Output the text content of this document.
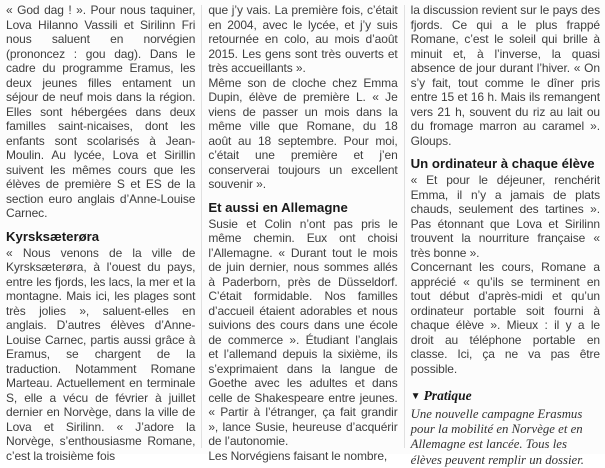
« God dag ! ». Pour nous taquiner, Lova Hilanno Vassili et Sirilinn Fri nous saluent en norvégien (prononcez : gou dag). Dans le cadre du programme Eramus, les deux jeunes filles entament un séjour de neuf mois dans la région. Elles sont hébergées dans deux familles saint-nicaises, dont les enfants sont scolarisés à Jean-Moulin. Au lycée, Lova et Sirillin suivent les mêmes cours que les élèves de première S et ES de la section euro anglais d’Anne-Louise Carnec.

Kyrsksæterøra

« Nous venons de la ville de Kyrsksæterøra, à l’ouest du pays, entre les fjords, les lacs, la mer et la montagne. Mais ici, les plages sont très jolies », saluent-elles en anglais. D’autres élèves d’Anne-Louise Carnec, partis aussi grâce à Eramus, se chargent de la traduction. Notamment Romane Marteau. Actuellement en terminale S, elle a vécu de février à juillet dernier en Norvège, dans la ville de Lova et Sirilinn. « J’adore la Norvège, s’enthousiasme Romane, c’est la troisième fois

que j’y vais. La première fois, c’était en 2004, avec le lycée, et j’y suis retournée en colo, au mois d’août 2015. Les gens sont très ouverts et très accueillants ».

Même son de cloche chez Emma Dupin, élève de première L. « Je viens de passer un mois dans la même ville que Romane, du 18 août au 18 septembre. Pour moi, c’était une première et j’en conserverai toujours un excellent souvenir ».

Et aussi en Allemagne

Susie et Colin n’ont pas pris le même chemin. Eux ont choisi l’Allemagne. « Durant tout le mois de juin dernier, nous sommes allés à Paderborn, près de Düsseldorf. C’était formidable. Nos familles d’accueil étaient adorables et nous suivions des cours dans une école de commerce ». Étudiant l’anglais et l’allemand depuis la sixième, ils s’exprimaient dans la langue de Goethe avec les adultes et dans celle de Shakespeare entre jeunes. « Partir à l’étranger, ça fait grandir », lance Susie, heureuse d’acquérir de l’autonomie.

Les Norvégiens faisant le nombre,

la discussion revient sur le pays des fjords. Ce qui a le plus frappé Romane, c’est le soleil qui brille à minuit et, à l’inverse, la quasi absence de jour durant l’hiver. « On s’y fait, tout comme le dîner pris entre 15 et 16 h. Mais ils remangent vers 21 h, souvent du riz au lait ou du fromage marron au caramel ». Gloups.

Un ordinateur à chaque élève

« Et pour le déjeuner, renchérit Emma, il n’y a jamais de plats chauds, seulement des tartines ». Pas étonnant que Lova et Sirilinn trouvent la nourriture française « très bonne ».

Concernant les cours, Romane a apprécié « qu’ils se terminent en tout début d’après-midi et qu’un ordinateur portable soit fourni à chaque élève ». Mieux : il y a le droit au téléphone portable en classe. Ici, ça ne va pas être possible.

▼ Pratique

Une nouvelle campagne Erasmus pour la mobilité en Norvège et en Allemagne est lancée. Tous les élèves peuvent remplir un dossier.
